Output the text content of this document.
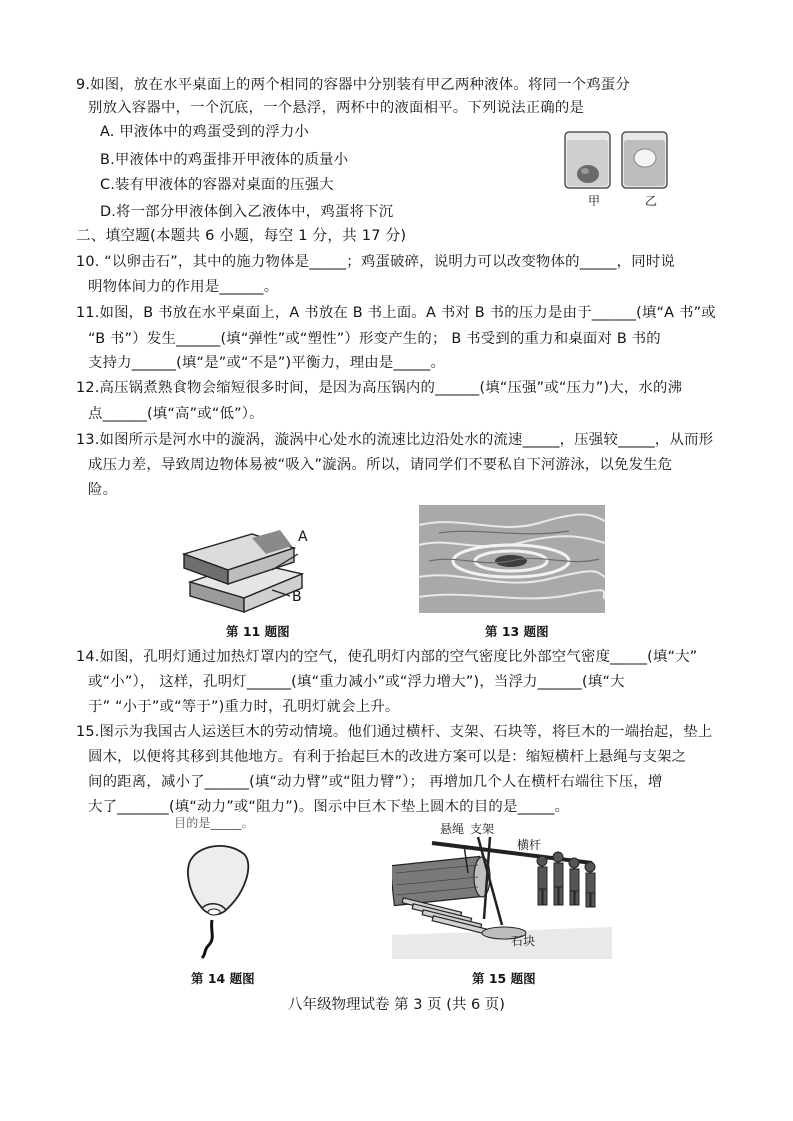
9.如图，放在水平桌面上的两个相同的容器中分别装有甲乙两种液体。将同一个鸡蛋分
别放入容器中，一个沉底，一个悬浮，两杯中的液面相平。下列说法正确的是
A. 甲液体中的鸡蛋受到的浮力小
B.甲液体中的鸡蛋排开甲液体的质量小
C.装有甲液体的容器对桌面的压强大
D.将一部分甲液体倒入乙液体中，鸡蛋将下沉
甲	乙
二、填空题(本题共 6 小题，每空 1 分，共 17 分)
10. “以卵击石”，其中的施力物体是_____；鸡蛋破碎，说明力可以改变物体的_____，同时说
明物体间力的作用是______。
11.如图，B 书放在水平桌面上，A 书放在 B 书上面。A 书对 B 书的压力是由于______(填“A 书”或
“B 书”）发生______(填“弹性”或“塑性”）形变产生的； B 书受到的重力和桌面对 B 书的
支持力______(填“是”或“不是”)平衡力，理由是_____。
12.高压锅煮熟食物会缩短很多时间，是因为高压锅内的______(填“压强”或“压力”)大，水的沸
点______(填“高”或“低”）。
13.如图所示是河水中的漩涡，漩涡中心处水的流速比边沿处水的流速_____，压强较_____，从而形
成压力差，导致周边物体易被“吸入”漩涡。所以，请同学们不要私自下河游泳，以免发生危
险。
A
B
第 11 题图	第 13 题图
14.如图，孔明灯通过加热灯罩内的空气，使孔明灯内部的空气密度比外部空气密度_____(填“大”
或“小”）， 这样，孔明灯______(填“重力减小”或“浮力增大”)，当浮力______(填“大
于” “小于”或“等于”)重力时，孔明灯就会上升。
15.图示为我国古人运送巨木的劳动情境。他们通过横杆、支架、石块等，将巨木的一端抬起，垫上
圆木，以便将其移到其他地方。有利于抬起巨木的改进方案可以是：缩短横杆上悬绳与支架之
间的距离，减小了______(填“动力臂”或“阻力臂”）； 再增加几个人在横杆右端往下压，增
大了_______(填“动力”或“阻力”)。图示中巨木下垫上圆木的目的是_____。
目的是_____。
第 14 题图
悬绳 支架
横杆
石块
第 15 题图
八年级物理试卷 第 3 页 (共 6 页)
